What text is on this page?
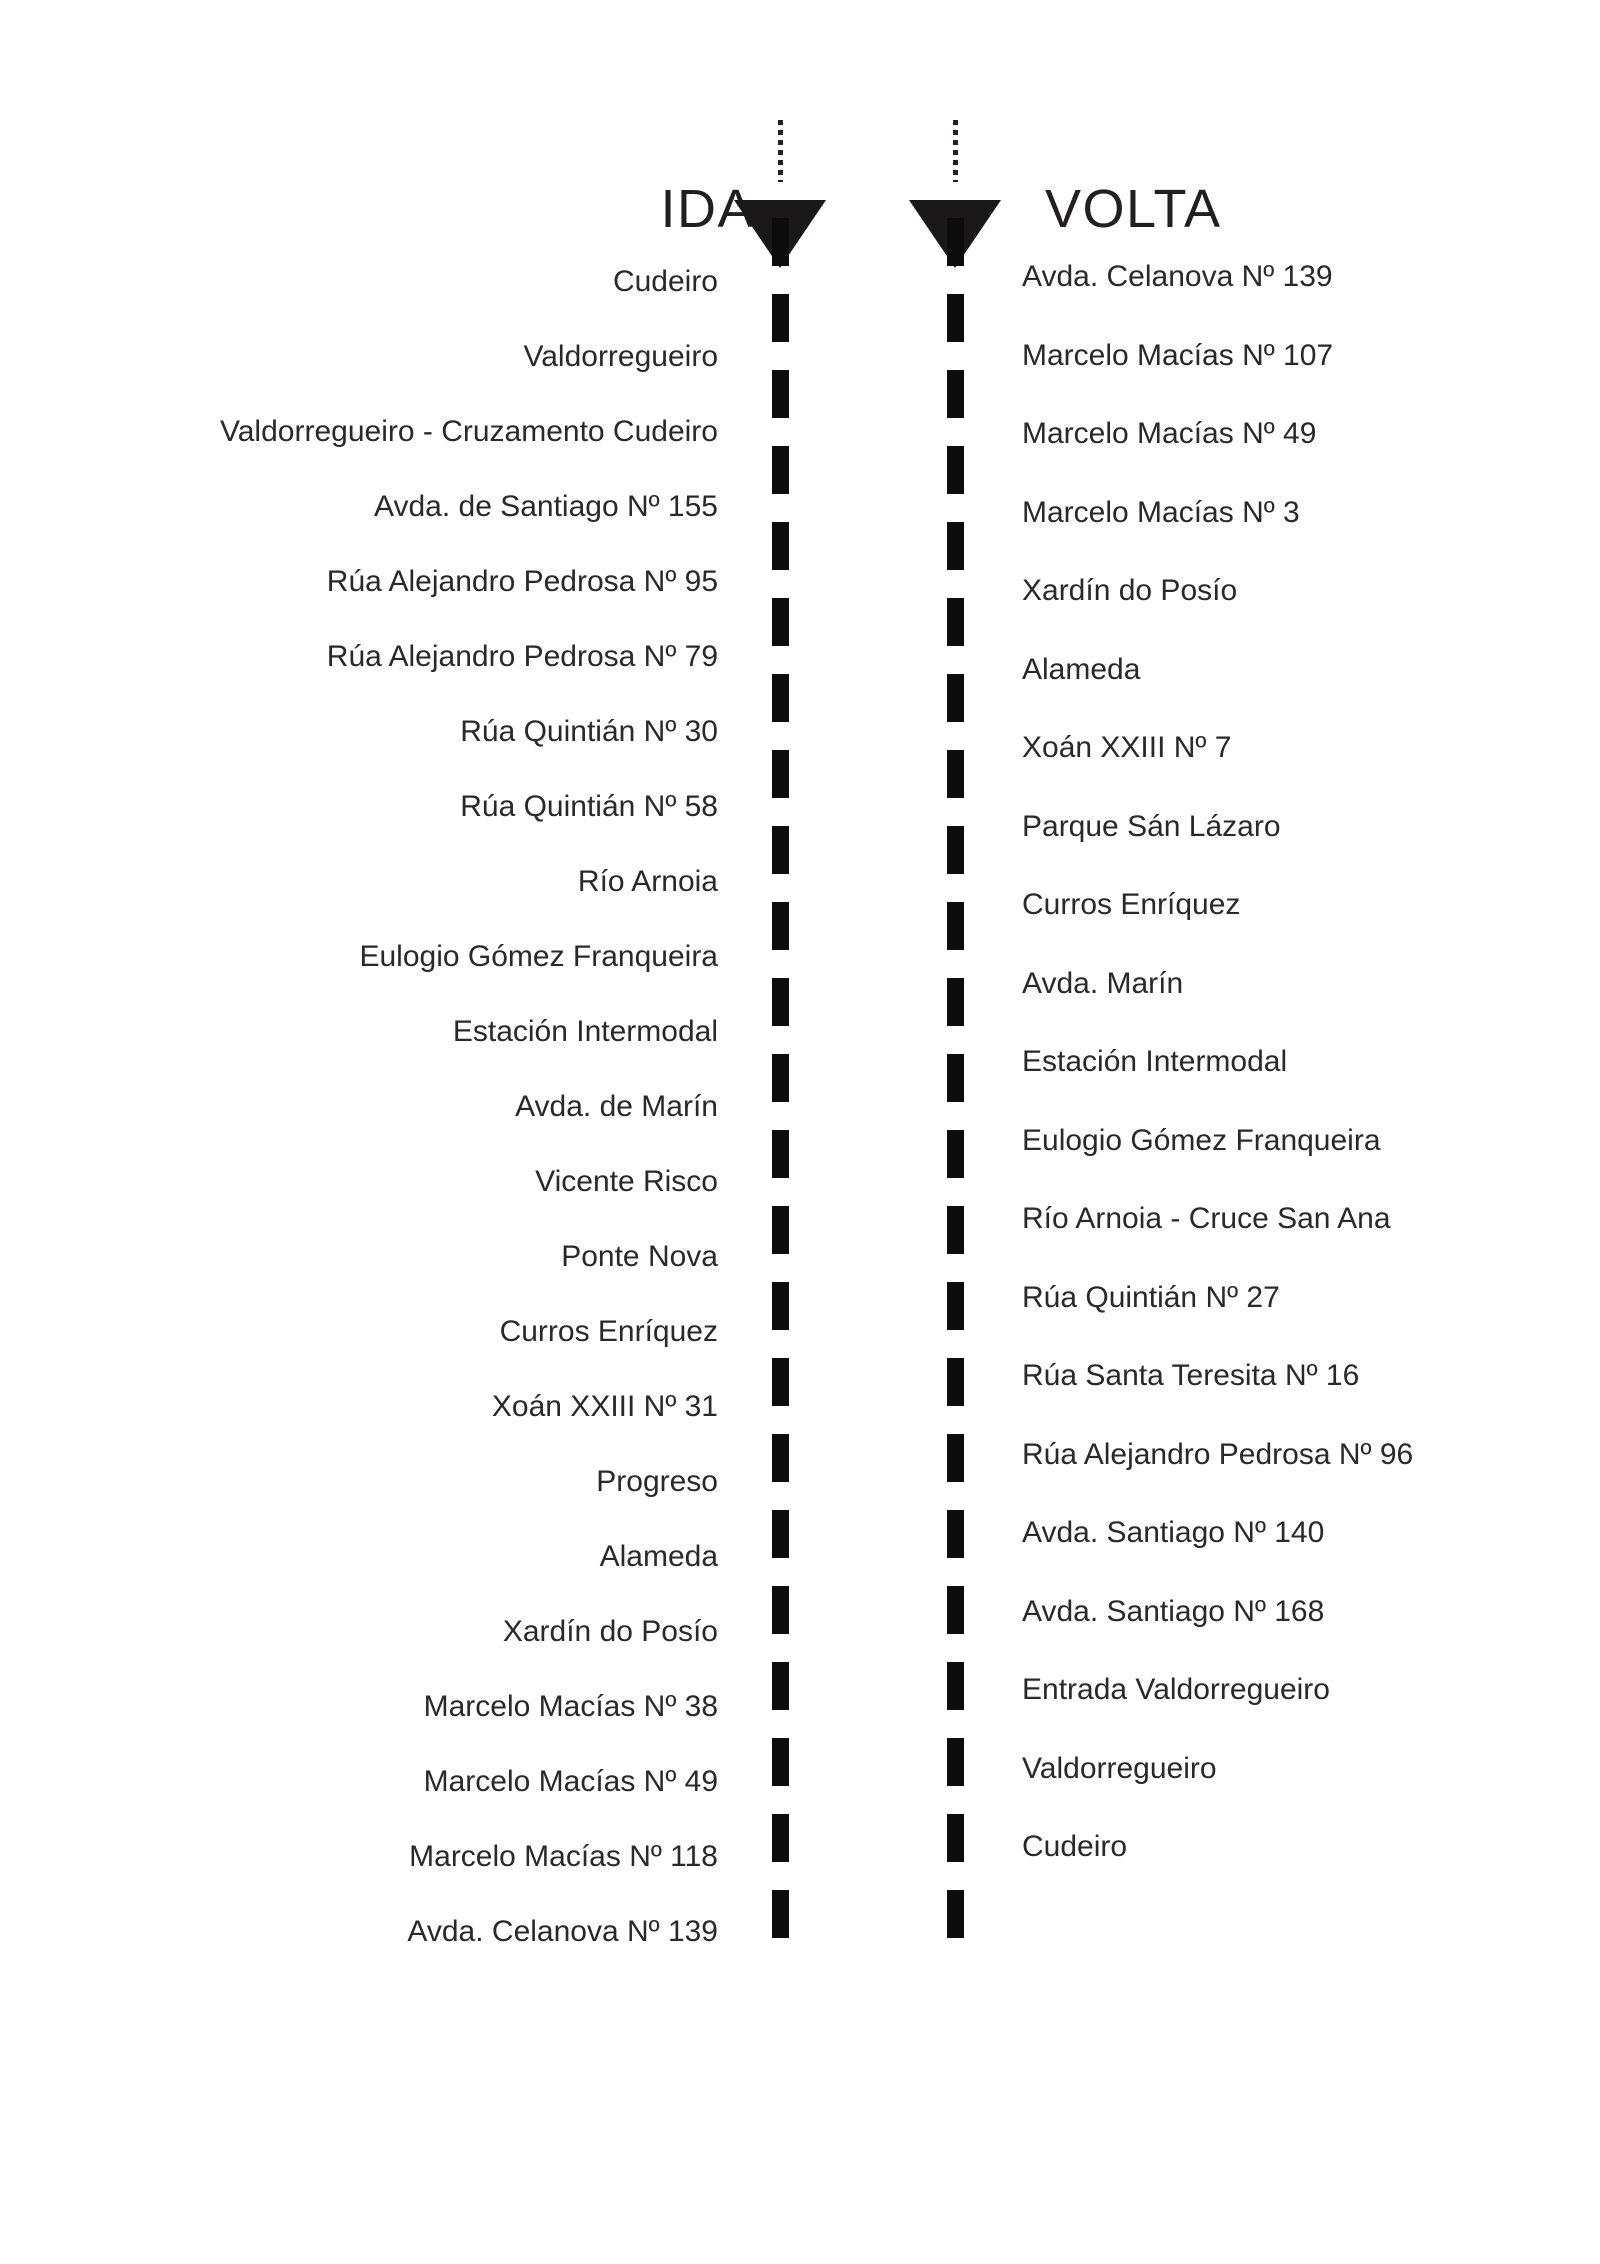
IDA	VOLTA
Cudeiro
Valdorregueiro
Valdorregueiro - Cruzamento Cudeiro
Avda. de Santiago Nº 155
Rúa Alejandro Pedrosa Nº 95
Rúa Alejandro Pedrosa Nº 79
Rúa Quintián Nº 30
Rúa Quintián Nº 58
Río Arnoia
Eulogio Gómez Franqueira
Estación Intermodal
Avda. de Marín
Vicente Risco
Ponte Nova
Curros Enríquez
Xoán XXIII Nº 31
Progreso
Alameda
Xardín do Posío
Marcelo Macías Nº 38
Marcelo Macías Nº 49
Marcelo Macías Nº 118
Avda. Celanova Nº 139
Avda. Celanova Nº 139
Marcelo Macías Nº 107
Marcelo Macías Nº 49
Marcelo Macías Nº 3
Xardín do Posío
Alameda
Xoán XXIII Nº 7
Parque Sán Lázaro
Curros Enríquez
Avda. Marín
Estación Intermodal
Eulogio Gómez Franqueira
Río Arnoia - Cruce San Ana
Rúa Quintián Nº 27
Rúa Santa Teresita Nº 16
Rúa Alejandro Pedrosa Nº 96
Avda. Santiago Nº 140
Avda. Santiago Nº 168
Entrada Valdorregueiro
Valdorregueiro
Cudeiro
